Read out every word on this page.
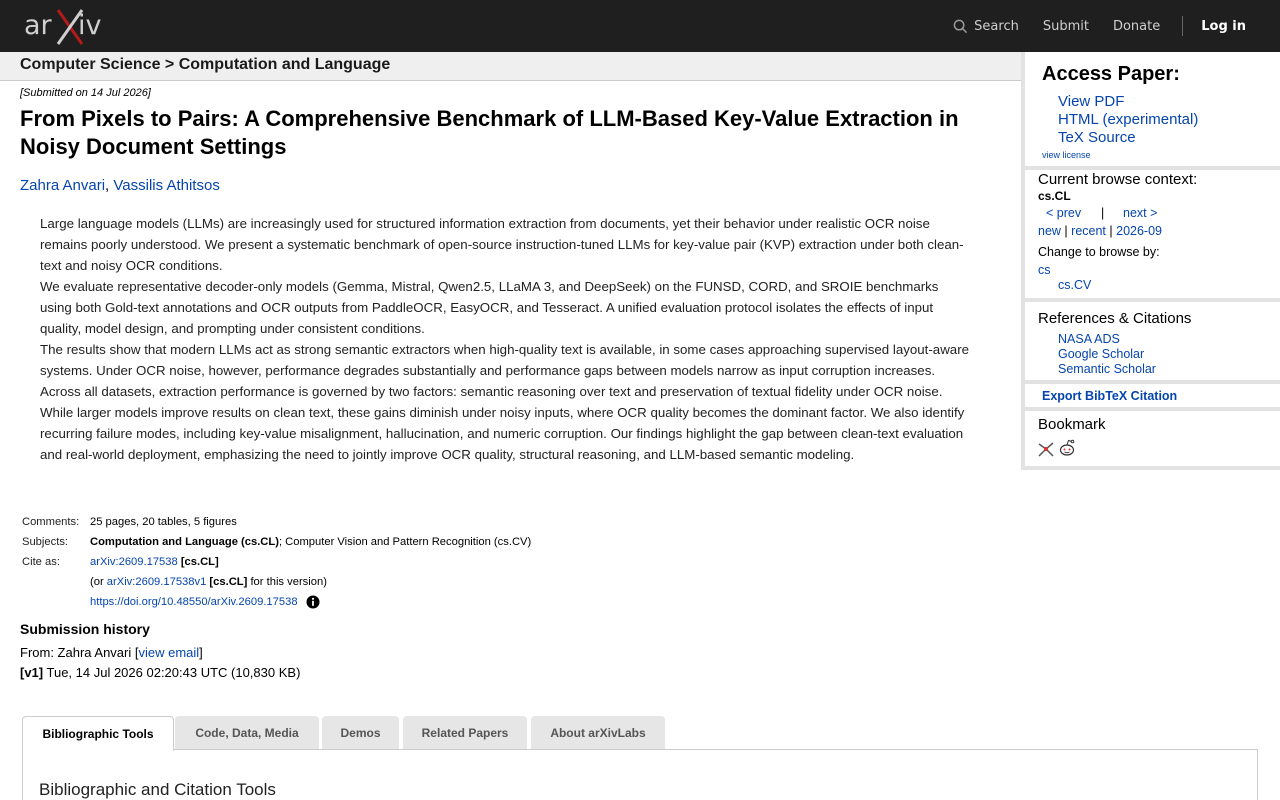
ar iv	Search Submit Donate	Log in
Computer Science > Computation and Language
[Submitted on 14 Jul 2026]
From Pixels to Pairs: A Comprehensive Benchmark of LLM-Based Key-Value Extraction in Noisy Document Settings
Zahra Anvari, Vassilis Athitsos

Large language models (LLMs) are increasingly used for structured information extraction from documents, yet their behavior under realistic OCR noise remains poorly understood. We present a systematic benchmark of open-source instruction-tuned LLMs for key-value pair (KVP) extraction under both clean-text and noisy OCR conditions.

We evaluate representative decoder-only models (Gemma, Mistral, Qwen2.5, LLaMA 3, and DeepSeek) on the FUNSD, CORD, and SROIE benchmarks using both Gold-text annotations and OCR outputs from PaddleOCR, EasyOCR, and Tesseract. A unified evaluation protocol isolates the effects of input quality, model design, and prompting under consistent conditions.

The results show that modern LLMs act as strong semantic extractors when high-quality text is available, in some cases approaching supervised layout-aware systems. Under OCR noise, however, performance degrades substantially and performance gaps between models narrow as input corruption increases.

Across all datasets, extraction performance is governed by two factors: semantic reasoning over text and preservation of textual fidelity under OCR noise. While larger models improve results on clean text, these gains diminish under noisy inputs, where OCR quality becomes the dominant factor. We also identify recurring failure modes, including key-value misalignment, hallucination, and numeric corruption. Our findings highlight the gap between clean-text evaluation and real-world deployment, emphasizing the need to jointly improve OCR quality, structural reasoning, and LLM-based semantic modeling.

Comments:	25 pages, 20 tables, 5 figures
Subjects:	Computation and Language (cs.CL); Computer Vision and Pattern Recognition (cs.CV)
Cite as:	arXiv:2609.17538 [cs.CL]
	(or arXiv:2609.17538v1 [cs.CL] for this version)
	https://doi.org/10.48550/arXiv.2609.17538
Submission history
From: Zahra Anvari [view email]
[v1] Tue, 14 Jul 2026 02:20:43 UTC (10,830 KB)
Bibliographic Tools	Code, Data, Media	Demos	Related Papers	About arXivLabs
Bibliographic and Citation Tools
Access Paper:
View PDF
HTML (experimental)
TeX Source
view license
Current browse context:
cs.CL
< prev | next >
new | recent | 2026-09
Change to browse by:
cs
cs.CV
References & Citations
NASA ADS
Google Scholar
Semantic Scholar
Export BibTeX Citation
Bookmark
